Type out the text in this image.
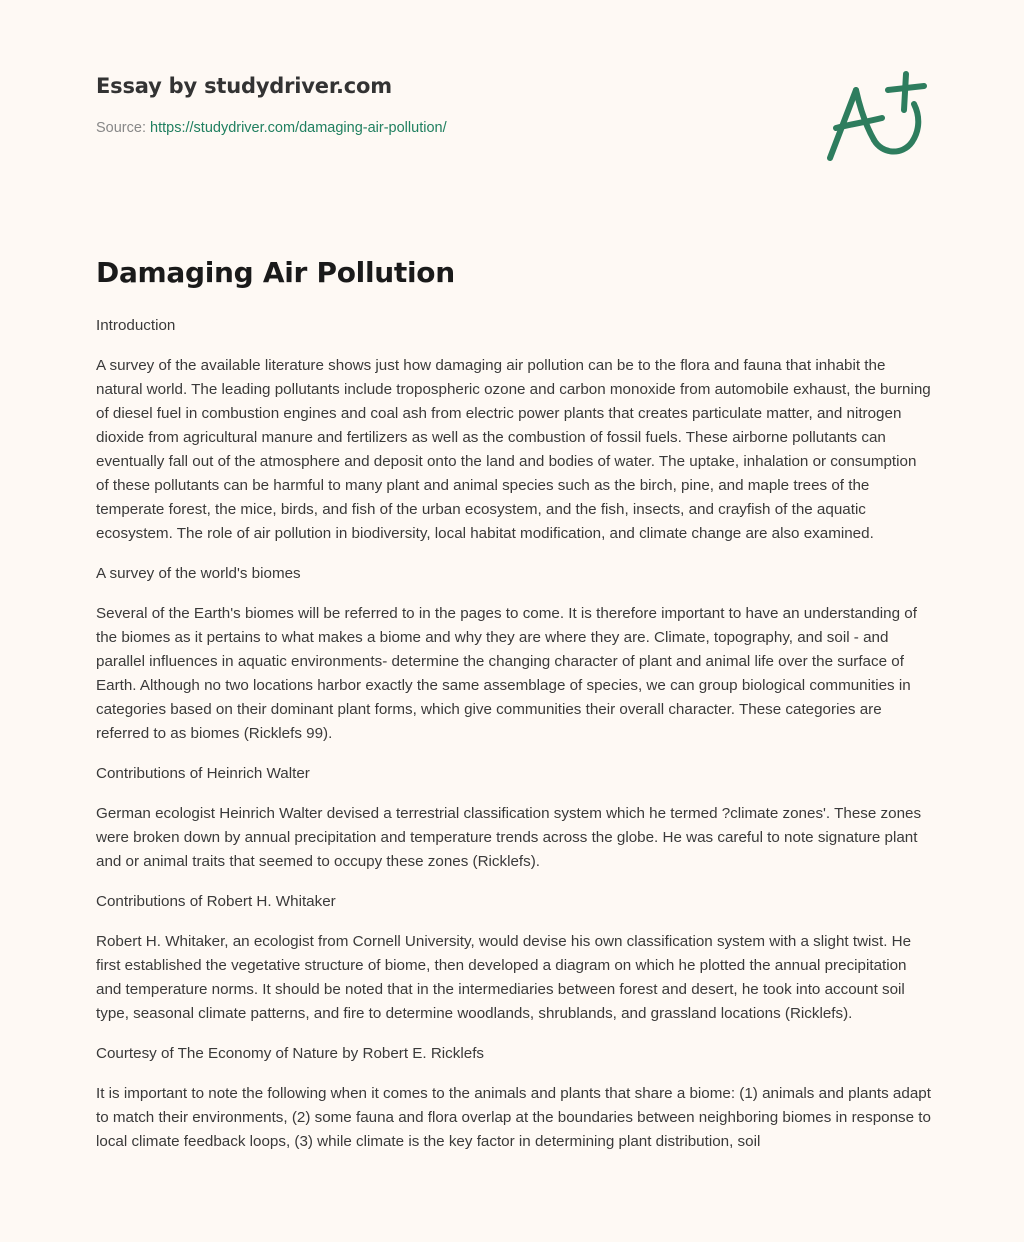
Essay by studydriver.com
Source: https://studydriver.com/damaging-air-pollution/
Damaging Air Pollution

Introduction

A survey of the available literature shows just how damaging air pollution can be to the flora and fauna that inhabit the natural world. The leading pollutants include tropospheric ozone and carbon monoxide from automobile exhaust, the burning of diesel fuel in combustion engines and coal ash from electric power plants that creates particulate matter, and nitrogen dioxide from agricultural manure and fertilizers as well as the combustion of fossil fuels. These airborne pollutants can eventually fall out of the atmosphere and deposit onto the land and bodies of water. The uptake, inhalation or consumption of these pollutants can be harmful to many plant and animal species such as the birch, pine, and maple trees of the temperate forest, the mice, birds, and fish of the urban ecosystem, and the fish, insects, and crayfish of the aquatic ecosystem. The role of air pollution in biodiversity, local habitat modification, and climate change are also examined.

A survey of the world's biomes

Several of the Earth's biomes will be referred to in the pages to come. It is therefore important to have an understanding of the biomes as it pertains to what makes a biome and why they are where they are. Climate, topography, and soil - and parallel influences in aquatic environments- determine the changing character of plant and animal life over the surface of Earth. Although no two locations harbor exactly the same assemblage of species, we can group biological communities in categories based on their dominant plant forms, which give communities their overall character. These categories are referred to as biomes (Ricklefs 99).

Contributions of Heinrich Walter

German ecologist Heinrich Walter devised a terrestrial classification system which he termed ?climate zones'. These zones were broken down by annual precipitation and temperature trends across the globe. He was careful to note signature plant and or animal traits that seemed to occupy these zones (Ricklefs).

Contributions of Robert H. Whitaker

Robert H. Whitaker, an ecologist from Cornell University, would devise his own classification system with a slight twist. He first established the vegetative structure of biome, then developed a diagram on which he plotted the annual precipitation and temperature norms. It should be noted that in the intermediaries between forest and desert, he took into account soil type, seasonal climate patterns, and fire to determine woodlands, shrublands, and grassland locations (Ricklefs).

Courtesy of The Economy of Nature by Robert E. Ricklefs

It is important to note the following when it comes to the animals and plants that share a biome: (1) animals and plants adapt to match their environments, (2) some fauna and flora overlap at the boundaries between neighboring biomes in response to local climate feedback loops, (3) while climate is the key factor in determining plant distribution, soil
